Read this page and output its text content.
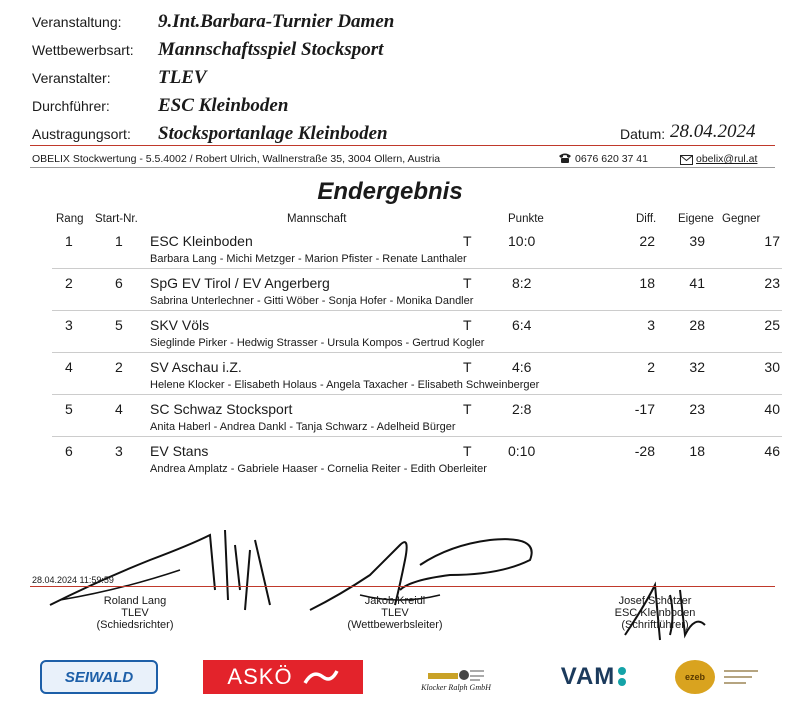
Veranstaltung: 9.Int.Barbara-Turnier Damen
Wettbewerbsart: Mannschaftsspiel Stocksport
Veranstalter: TLEV
Durchführer:	ESC Kleinboden
Austragungsort: Stocksportanlage Kleinboden	Datum: 28.04.2024
OBELIX Stockwertung - 5.5.4002 / Robert Ulrich, Wallnerstraße 35, 3004 Ollern, Austria	0676 620 37 41	obelix@rul.at
Endergebnis
Rang Start-Nr.	Mannschaft	Punkte	Diff. Eigene Gegner
1	1 ESC Kleinboden	T	10:0	22	39	17
Barbara Lang - Michi Metzger - Marion Pfister - Renate Lanthaler
2	6 SpG EV Tirol / EV Angerberg	T	8:2	18	41	23
Sabrina Unterlechner - Gitti Wöber - Sonja Hofer - Monika Dandler
3	5 SKV Völs	T	6:4	3	28	25
Sieglinde Pirker - Hedwig Strasser - Ursula Kompos - Gertrud Kogler
4	2 SV Aschau i.Z.	T	4:6	2	32	30
Helene Klocker - Elisabeth Holaus - Angela Taxacher - Elisabeth Schweinberger
5	4 SC Schwaz Stocksport	T	2:8	-17	23	40
Anita Haberl - Andrea Dankl - Tanja Schwarz - Adelheid Bürger
6	3 EV Stans	T	0:10	-28	18	46
Andrea Amplatz - Gabriele Haaser - Cornelia Reiter - Edith Oberleiter
28.04.2024 11:59:59
Roland Lang
TLEV
(Schiedsrichter)
Jakob Kreidl
TLEV
(Wettbewerbsleiter)
Josef Schötzer
ESC Kleinboden
(Schriftführer)
SEIWALD	ASKÖ	Klocker Ralph GmbH	VAM	ezeb
